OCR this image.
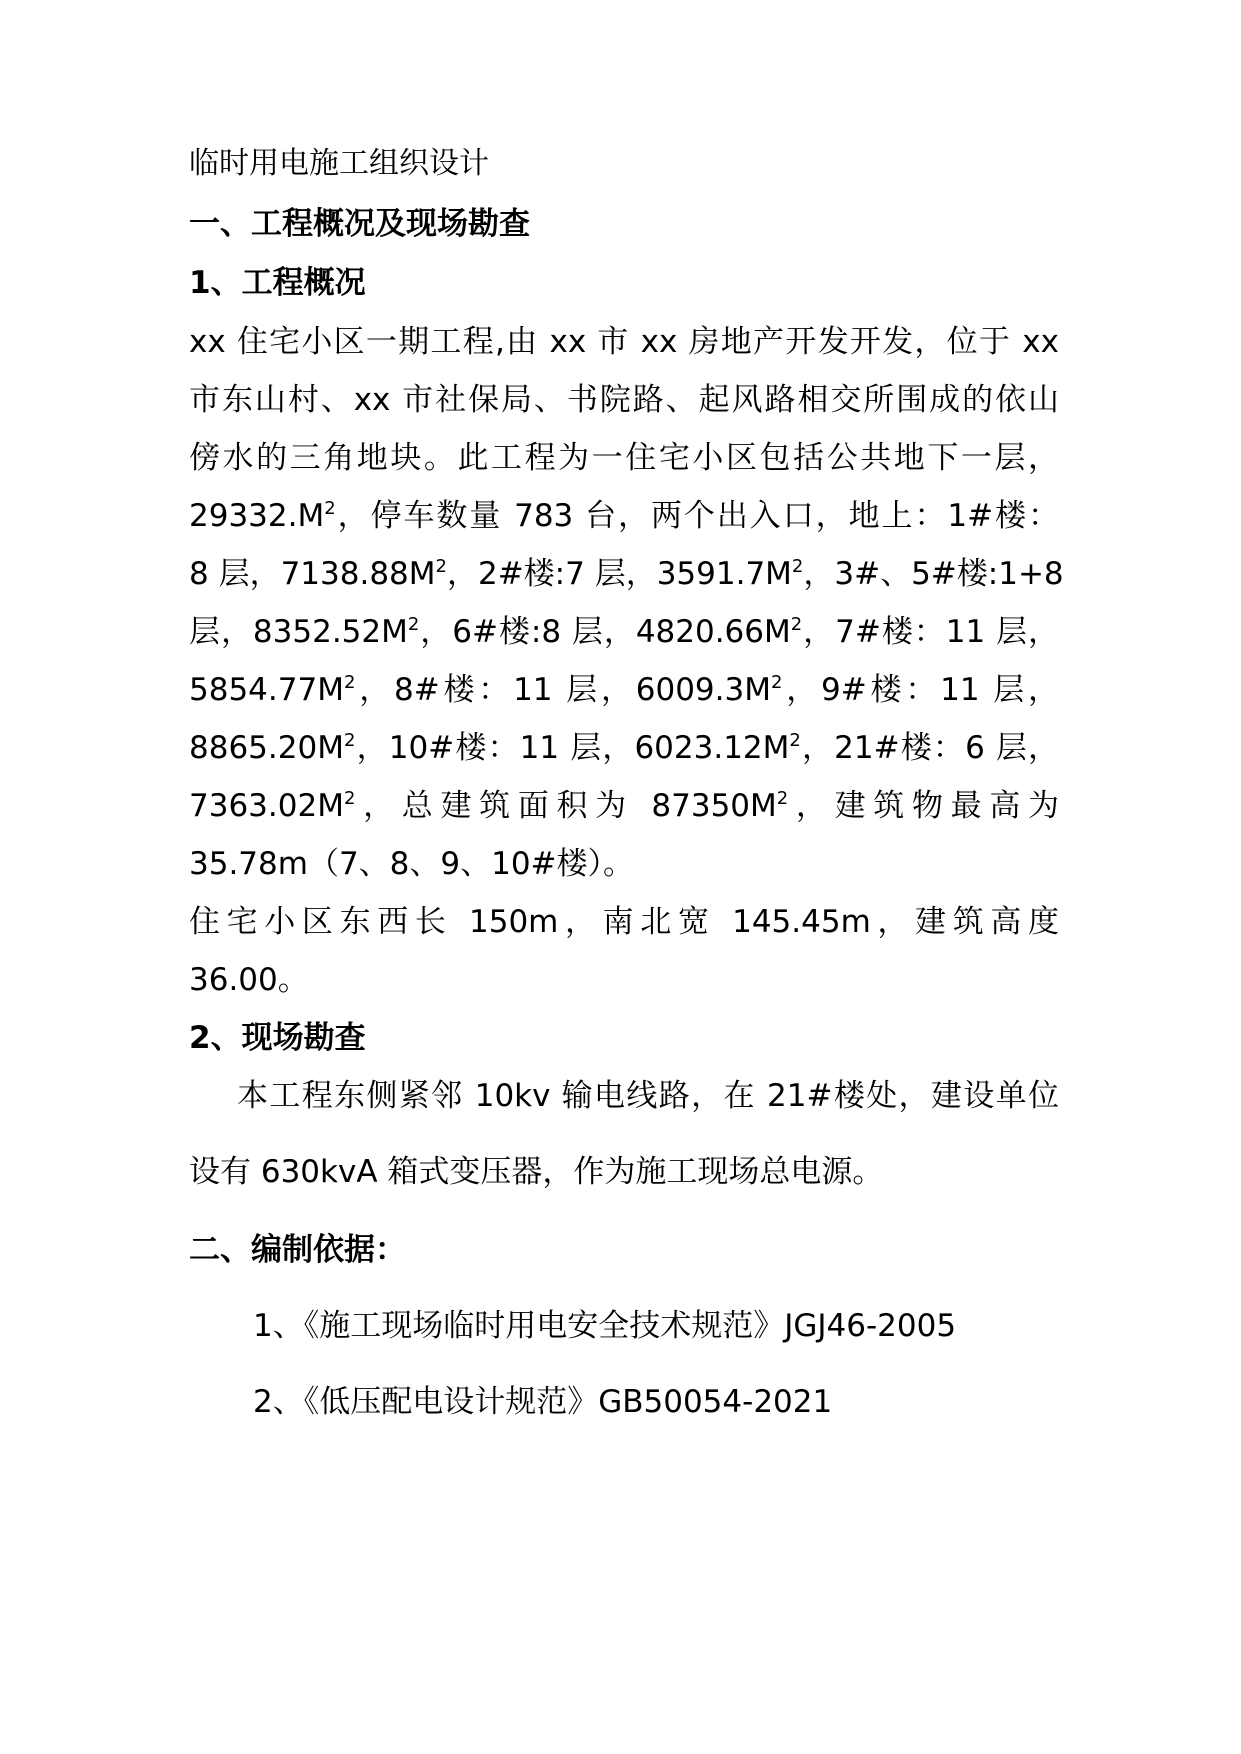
临时用电施工组织设计
一、工程概况及现场勘查
1、工程概况
xx 住宅小区一期工程,由 xx 市 xx 房地产开发开发，位于 xx
市东山村、xx 市社保局、书院路、起风路相交所围成的依山
傍水的三角地块。此工程为一住宅小区包括公共地下一层，
$29332.M^2$，停车数量 783 台，两个出入口，地上：1#楼：
8 层，$7138.88M^2$，2#楼:7 层，$3591.7M^2$，3#、5#楼:1+8
层，$8352.52M^2$，6#楼:8 层，$4820.66M^2$，7#楼：11 层，
$5854.77M^2$，8#楼：11 层，$6009.3M^2$，9#楼：11 层，
$8865.20M^2$，10#楼：11 层，$6023.12M^2$，21#楼：6 层，
$7363.02M^2$，总建筑面积为 $87350M^2$，建筑物最高为
35.78m（7、8、9、10#楼）。
住宅小区东西长 150m，南北宽 145.45m，建筑高度
36.00。
2、现场勘查
本工程东侧紧邻 10kv 输电线路，在 21#楼处，建设单位
设有 630kvA 箱式变压器，作为施工现场总电源。
二、编制依据：
1、《施工现场临时用电安全技术规范》JGJ46-2005
2、《低压配电设计规范》GB50054-2021
